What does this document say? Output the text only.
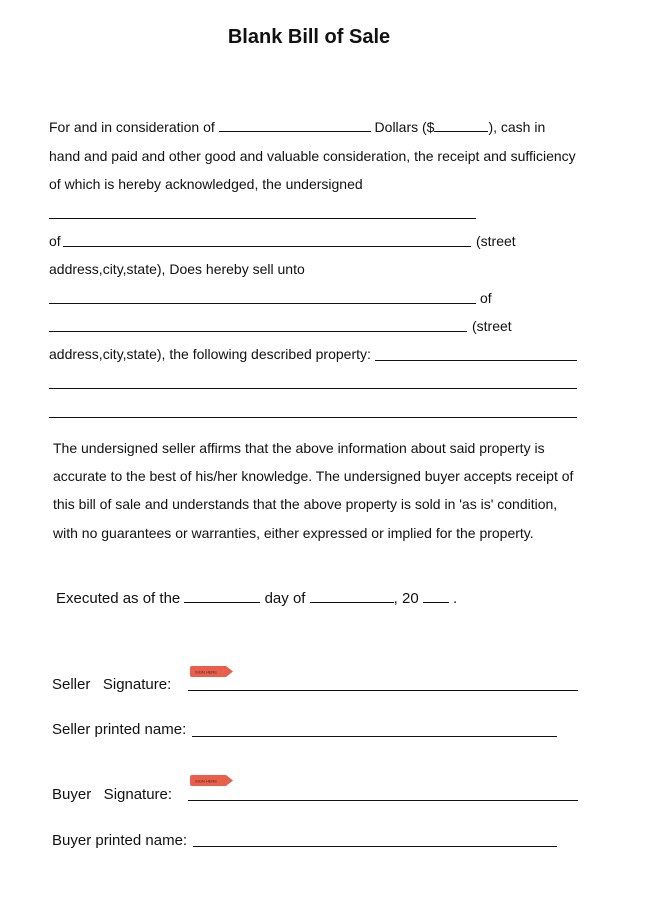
Blank Bill of Sale
For and in consideration of	Dollars ($	), cash in
hand and paid and other good and valuable consideration, the receipt and sufficiency
of which is hereby acknowledged, the undersigned
of	(street
address,city,state), Does hereby sell unto
of
(street
address,city,state), the following described property:
The undersigned seller affirms that the above information about said property is
accurate to the best of his/her knowledge. The undersigned buyer accepts receipt of
this bill of sale and understands that the above property is sold in 'as is' condition,
with no guarantees or warranties, either expressed or implied for the property.
Executed as of the	day of	, 20 .
SIGN HERE
Seller   Signature:
Seller printed name:
SIGN HERE
Buyer   Signature:
Buyer printed name:
